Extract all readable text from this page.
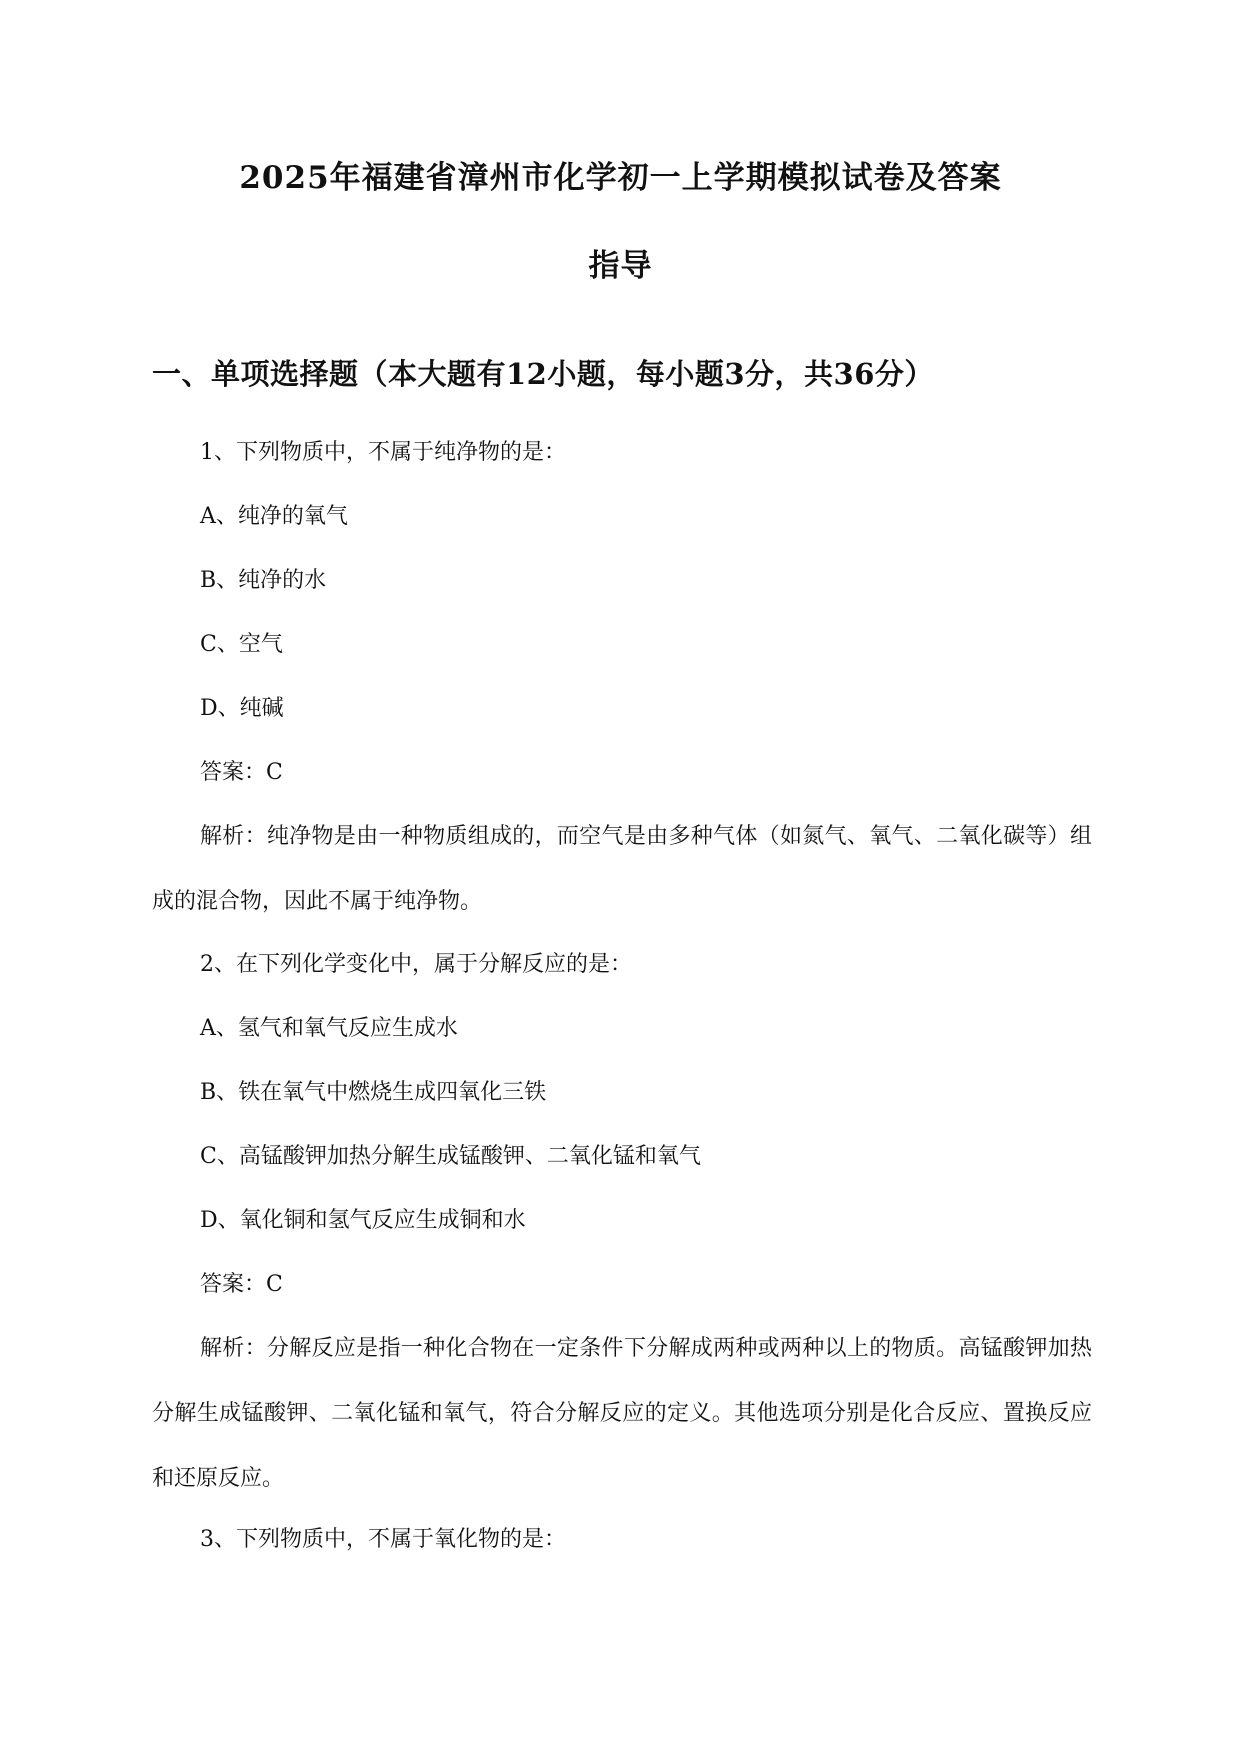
2025年福建省漳州市化学初一上学期模拟试卷及答案
指导
一、单项选择题（本大题有12小题，每小题3分，共36分）
1、下列物质中，不属于纯净物的是：
A、纯净的氧气
B、纯净的水
C、空气
D、纯碱
答案：C
解析：纯净物是由一种物质组成的，而空气是由多种气体（如氮气、氧气、二氧化碳等）组成的混合物，因此不属于纯净物。
2、在下列化学变化中，属于分解反应的是：
A、氢气和氧气反应生成水
B、铁在氧气中燃烧生成四氧化三铁
C、高锰酸钾加热分解生成锰酸钾、二氧化锰和氧气
D、氧化铜和氢气反应生成铜和水
答案：C
解析：分解反应是指一种化合物在一定条件下分解成两种或两种以上的物质。高锰酸钾加热分解生成锰酸钾、二氧化锰和氧气，符合分解反应的定义。其他选项分别是化合反应、置换反应和还原反应。
3、下列物质中，不属于氧化物的是：
